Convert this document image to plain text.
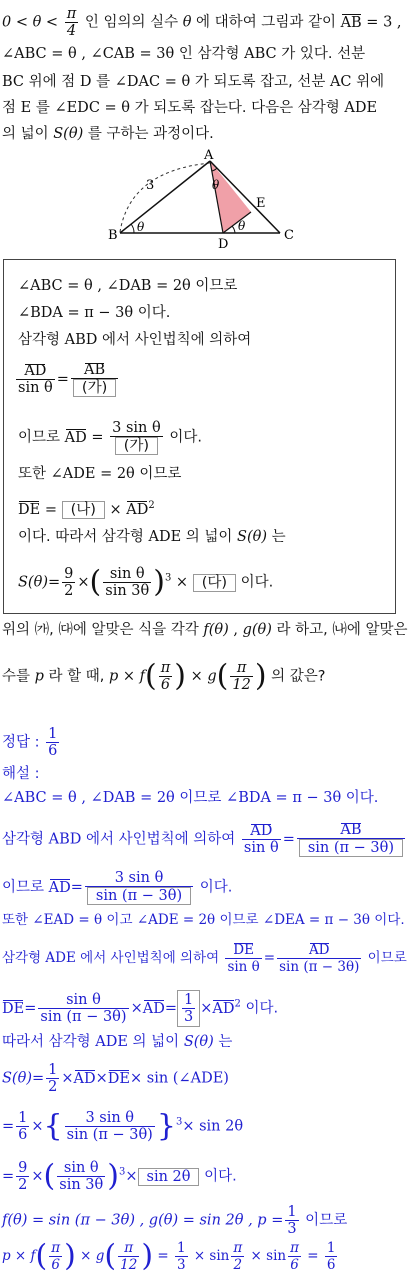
$0 < \theta < \frac{\pi}{4}$ 인 임의의 실수 θ 에 대하여 그림과 같이 AB = 3 ,
∠ABC = θ , ∠CAB = 3θ 인 삼각형 ABC 가 있다. 선분
BC 위에 점 D 를 ∠DAC = θ 가 되도록 잡고, 선분 AC 위에
점 E 를 ∠EDC = θ 가 되도록 잡는다. 다음은 삼각형 ADE
의 넓이 S(θ) 를 구하는 과정이다.
A
B	C
D
E
3
θ
θ
θ
∠ABC = θ , ∠DAB = 2θ 이므로
∠BDA = π − 3θ 이다.
삼각형 ABD 에서 사인법칙에 의하여
$\frac{AD}{\text{sin θ}} = \frac{AB}{\text{(가)}}$
이므로 AD = $\frac{\text{3 sin θ}}{\text{(가)}}$ 이다.
또한 ∠ADE = 2θ 이므로
DE = (나) × $AD^2$
이다. 따라서 삼각형 ADE 의 넓이 S(θ) 는
$S(\theta)= \frac{9}{2}$ ×( $\frac{\text{sin θ}}{\sin 3\theta} )^3$ × (다) 이다.
위의 ㈎, ㈐에 알맞은 식을 각각 f(θ) , g(θ) 라 하고, ㈏에 알맞은
수를 p 라 할 때, $p \times f( \frac{\pi}{6}$ ) × $g( \frac{\pi}{12}$ ) 의 값은?
정답 : $\frac{1}{6}$
해설 :
∠ABC = θ , ∠DAB = 2θ 이므로 ∠BDA = π − 3θ 이다.
삼각형 ABD 에서 사인법칙에 의하여 $\frac{AD}{\text{sin θ}} = \frac{AB}{\sin (\pi - 3\theta)}$
이므로 $AD= \frac{\text{3 sin θ}}{\sin (\pi - 3\theta)}$ 이다.
또한 ∠EAD = θ 이고 ∠ADE = 2θ 이므로 ∠DEA = π − 3θ 이다.
삼각형 ADE 에서 사인법칙에 의하여 $\frac{DE}{\text{sin θ}} = \frac{AD}{\sin (\pi - 3\theta)}$ 이므로
$DE= \frac{\text{sin θ}}{\sin (\pi - 3\theta)} \times AD= \frac{1}{3} \times AD^2$ 이다.
따라서 삼각형 ADE 의 넓이 S(θ) 는
$S(\theta)= \frac{1}{2} \times AD\times DE\times \sin$ (∠ADE)
= $\frac{1}{6}$ ×{ $\frac{\text{3 sin θ}}{\sin (\pi - 3\theta)} \}^3\times \sin 2\theta$
= $\frac{9}{2}$ ×( $\frac{\text{sin θ}}{\sin 3\theta} )^3\times \sin 2\theta$ 이다.
f(θ) = sin (π − 3θ) , g(θ) = sin 2θ , $p = \frac{1}{3}$ 이므로
$p \times f( \frac{\pi}{6}$ ) × $g( \frac{\pi}{12}$ ) = $\frac{1}{3} \times \sin \frac{\pi}{2} \times \sin \frac{\pi}{6} = \frac{1}{6}$
